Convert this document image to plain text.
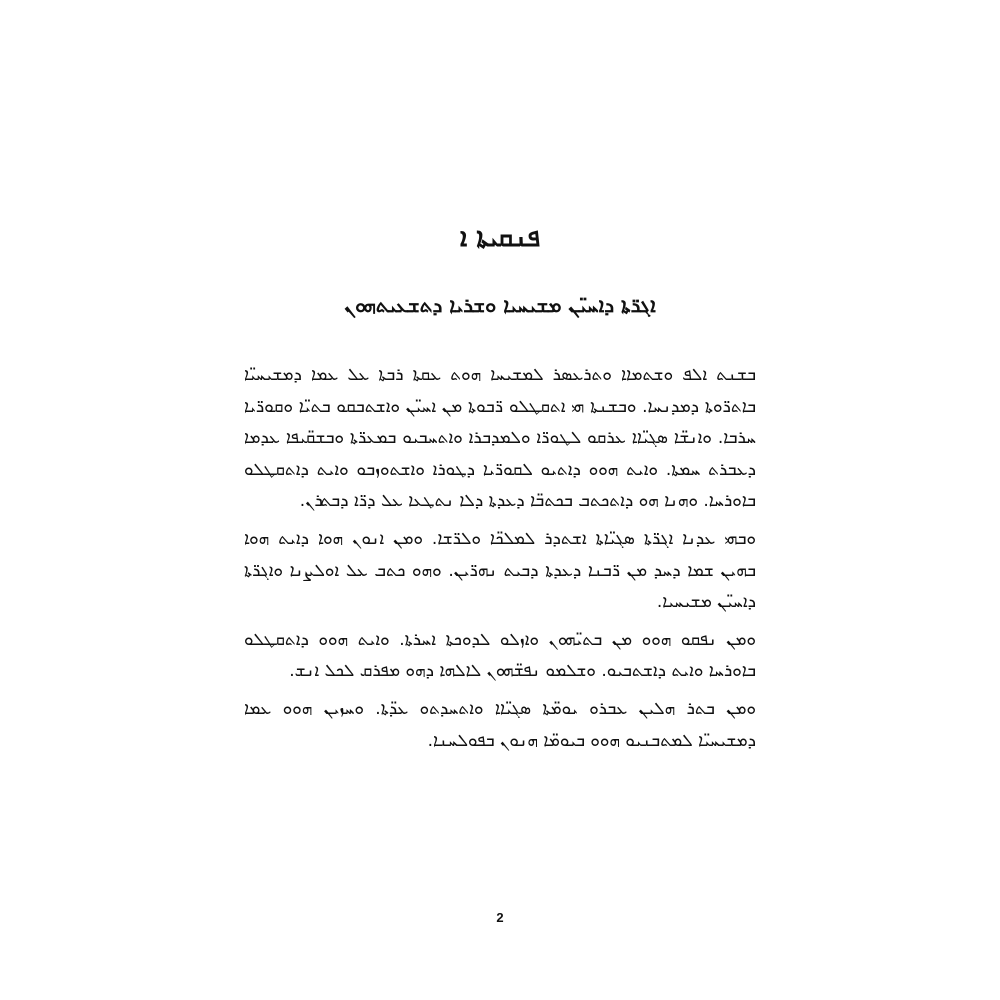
ܦܢܩܝܬܐ ܐ
ܐܓܪ̈ܬܐ ܕܐܚܝ̈ܢ ܡܫܝܚܝܐ ܘܫܪܝܐ ܕܬܫܥܝܬܗܘܢ

ܒܫܢܬ ܐܠܦ ܘܫܬܡܐܐ ܘܬܪܥܣܪ ܠܡܫܝܚܐ ܗܘܬ ܥܩܬܐ ܪܒܬܐ ܥܠ ܥܡܐ ܕܡܫܝܚܝ̈ܐ ܒܐܬܪ̈ܘܬܐ ܕܡܕܢܚܐ. ܘܒܫܢܬܐ ܗܝ ܐܬܩܛܠܘ ܪ̈ܒܘܬܐ ܡܢ ܐܚܝ̈ܢ ܘܐܫܬܒܩܘ ܒܬܝ̈ܐ ܘܩܘܪ̈ܝܐ ܚܪܒܐ. ܘܐܢܫ̈ܐ ܣܓܝ̈ܐܐ ܥܪܩܘ ܠܛܘܪ̈ܐ ܘܠܡܕܒܪܐ ܘܐܬܚܒܝܘ ܒܡܥܪ̈ܬܐ ܘܒܫܩ̈ܝܦܐ ܥܕܡܐ ܕܥܒܪܬ ܚܡܬܐ. ܘܐܝܬ ܗܘܘ ܕܐܬܝܘ ܠܩܘܪ̈ܝܐ ܕܛܘܪܐ ܘܐܫܬܘܙܒܘ ܘܐܝܬ ܕܐܬܩܛܠܘ ܒܐܘܪܚܐ. ܘܗܢܐ ܗܘ ܕܐܬܟܬܒ ܒܟܬܒ̈ܐ ܕܥܕܬܐ ܕܠܐ ܢܬܛܥܐ ܥܠ ܕܪ̈ܐ ܕܒܬܪܢ.

ܘܒܗܝ ܥܕܢܐ ܐܓܪ̈ܬܐ ܣܓܝ̈ܐܬܐ ܐܫܬܕܪ ܠܡܠܟ̈ܐ ܘܠܪ̈ܫܐ. ܘܡܢ ܐܢܘܢ ܗܘܐ ܕܐܝܬ ܗܘܐ ܒܗܝܢ ܫܡܐ ܕܚܕ ܡܢ ܪ̈ܒܢܐ ܕܥܕܬܐ ܕܒܝܬ ܢܗܪ̈ܝܢ. ܘܗܘ ܟܬܒ ܥܠ ܐܘܠܨܢܐ ܘܐܓܪ̈ܬܐ ܕܐܚܝ̈ܢ ܡܫܝܚܝܐ.

ܘܡܢ ܢܦܩܘ ܗܘܘ ܡܢ ܒܬܝ̈ܗܘܢ ܘܐܙܠܘ ܠܕܘܟܬܐ ܐܚܪܬܐ. ܘܐܝܬ ܗܘܘ ܕܐܬܩܛܠܘ ܒܐܘܪܚܐ ܘܐܝܬ ܕܐܫܬܒܝܘ. ܘܫܠܡܘ ܢܦܫ̈ܗܘܢ ܠܐܠܗܐ ܕܗܘ ܡܦܪܩ ܠܟܠ ܐܢܫ.

ܘܡܢ ܒܬܪ ܗܠܝܢ ܥܒܪܘ ܝܘܡ̈ܬܐ ܣܓܝ̈ܐܐ ܘܐܬܚܕܬܘ ܥܕ̈ܬܐ. ܘܚܙܝܢ ܗܘܘ ܥܡܐ ܕܡܫܝܚܝ̈ܐ ܠܡܬܒܢܝܘ ܗܘܘ ܒܝܘܡ̈ܐ ܗܢܘܢ ܒܦܘܠܚܢܐ.

2
